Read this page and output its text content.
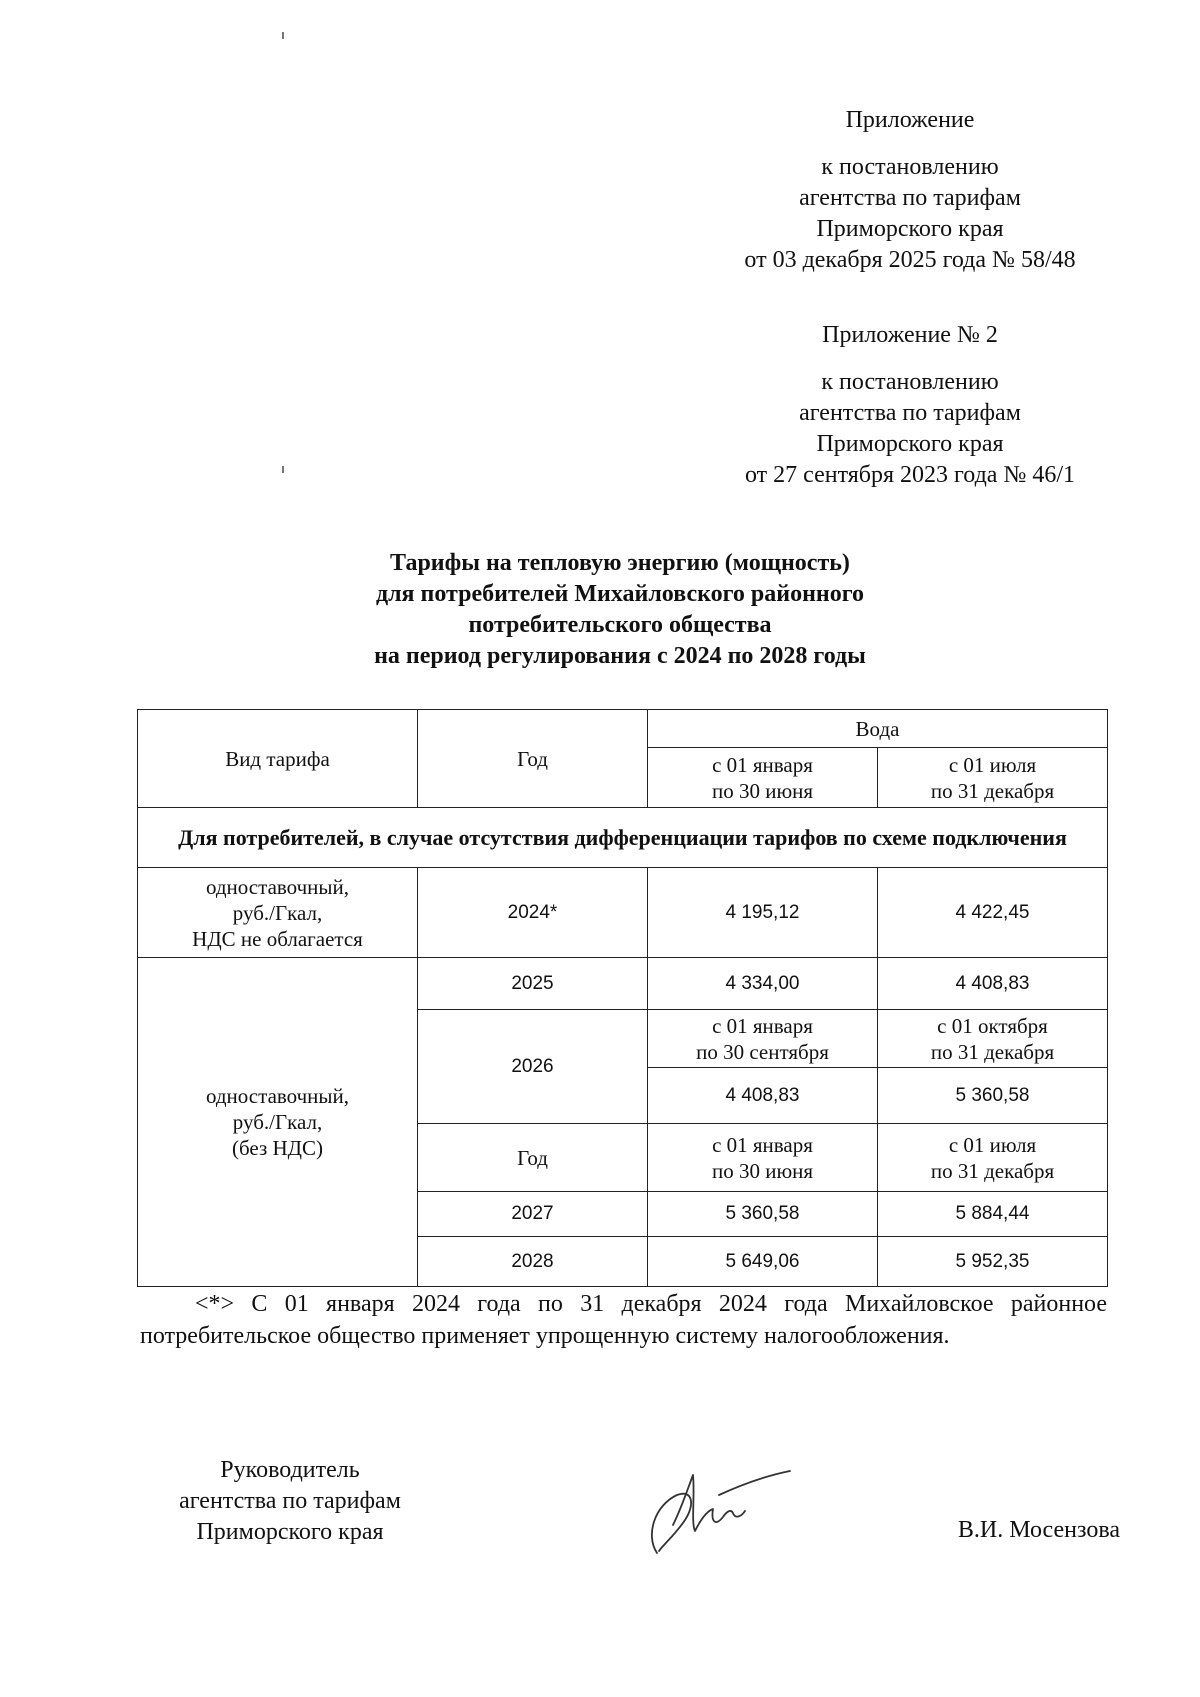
Приложение
к постановлению
агентства по тарифам
Приморского края
от 03 декабря 2025 года № 58/48
Приложение № 2
к постановлению
агентства по тарифам
Приморского края
от 27 сентября 2023 года № 46/1
Тарифы на тепловую энергию (мощность)
для потребителей Михайловского районного
потребительского общества
на период регулирования с 2024 по 2028 годы
Вид тарифа	Год	Вода	

		с 01 января
по 30 июня	с 01 июля
по 31 декабря

Для потребителей, в случае отсутствия дифференциации тарифов по схеме подключения			

одноставочный,
руб./Гкал,
НДС не облагается	2024*	4 195,12	4 422,45

одноставочный,
руб./Гкал,
(без НДС)	2025	4 334,00	4 408,83
	2026	с 01 января
по 30 сентября	с 01 октября
по 31 декабря

		4 408,83	5 360,58
	Год	с 01 января
по 30 июня	с 01 июля
по 31 декабря

	2027	5 360,58	5 884,44
	2028	5 649,06	5 952,35

<*> С 01 января 2024 года по 31 декабря 2024 года Михайловское районное потребительское общество применяет упрощенную систему налогообложения.

Руководитель
агентства по тарифам
Приморского края	В.И. Мосензова
